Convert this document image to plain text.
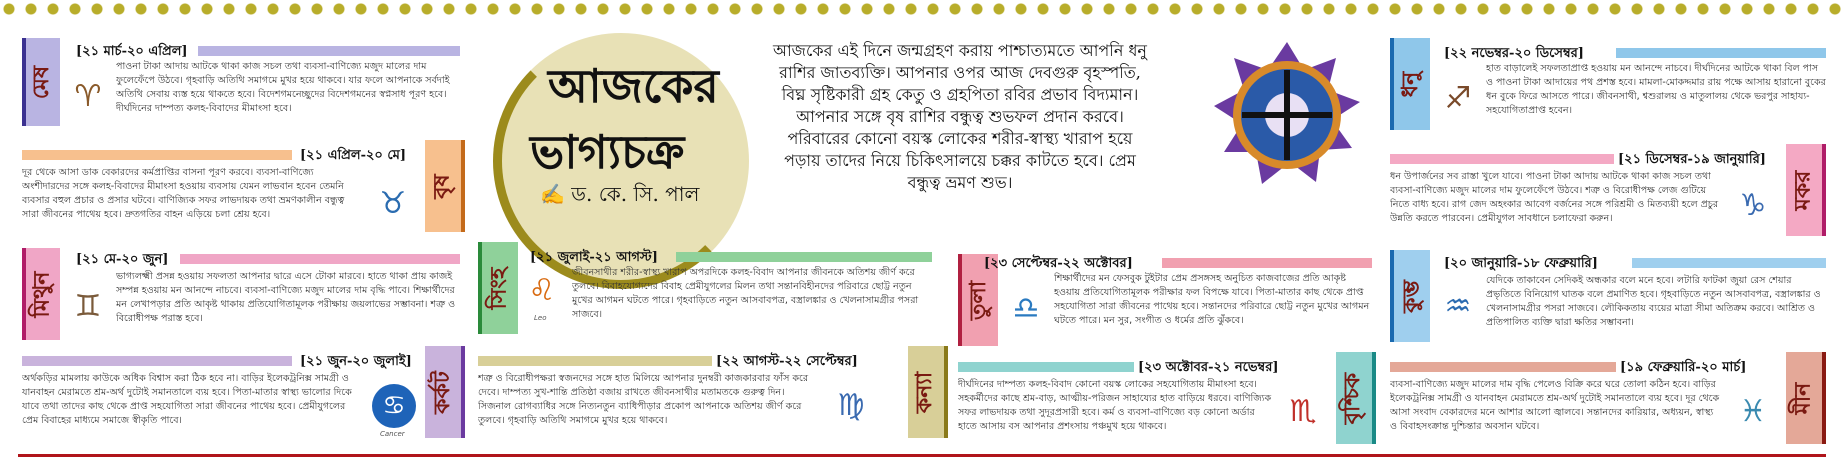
মেষ
[২১ মার্চ-২০ এপ্রিল]
♈
পাওনা টাকা আদায় আটকে থাকা কাজ সচল তথা ব্যবসা-বাণিজ্যে মজুদ মালের দাম ফুলেফেঁপে উঠবে। গৃহবাড়ি অতিথি সমাগমে মুখর হয়ে থাকবে। যার ফলে আপনাকে সর্বদাই অতিথি সেবায় ব্যস্ত হয়ে থাকতে হবে। বিদেশগমনেচ্ছুদের বিদেশগমনের স্বপ্নসাধ পূরণ হবে। দীর্ঘদিনের দাম্পত্য কলহ-বিবাদের মীমাংসা হবে।
[২১ এপ্রিল-২০ মে]
বৃষ
দূর থেকে আসা ডাক বেকারদের কর্মপ্রাপ্তির বাসনা পূরণ করবে। ব্যবসা-বাণিজ্যে অংশীদারদের সঙ্গে কলহ-বিবাদের মীমাংসা হওয়ায় ব্যবসায় যেমন লাভবান হবেন তেমনি ব্যবসার বহুল প্রচার ও প্রসার ঘটবে। বাণিজ্যিক সফর লাভদায়ক তথা ভ্রমণকালীন বন্ধুত্ব সারা জীবনের পাথেয় হবে। দ্রুতগতির বাহন এড়িয়ে চলা শ্রেয় হবে।	♉
মিথুন
[২১ মে-২০ জুন]
♊
ভাগ্যলক্ষ্মী প্রসন্ন হওয়ায় সফলতা আপনার দ্বারে এসে টোকা মারবে। হাতে থাকা প্রায় কাজই সম্পন্ন হওয়ায় মন আনন্দে নাচবে। ব্যবসা-বাণিজ্যে মজুদ মালের দাম বৃদ্ধি পাবে। শিক্ষার্থীদের মন লেখাপড়ার প্রতি আকৃষ্ট থাকায় প্রতিযোগিতামূলক পরীক্ষায় জয়লাভের সম্ভাবনা। শত্রু ও বিরোধীপক্ষ পরাস্ত হবে।
[২১ জুন-২০ জুলাই]
কর্কট
অর্থকড়ির মামলায় কাউকে অধিক বিশ্বাস করা ঠিক হবে না। বাড়ির ইলেকট্রনিক্স সামগ্রী ও যানবাহন মেরামতে শ্রম-অর্থ দুটোই সমানতালে ব্যয় হবে। পিতা-মাতার স্বাস্থ্য ভালোর দিকে যাবে তথা তাদের কাছ থেকে প্রাপ্ত সহযোগিতা সারা জীবনের পাথেয় হবে। প্রেমীযুগলের প্রেম বিবাহের মাধ্যমে সমাজে স্বীকৃতি পাবে।	♋
Cancer
আজকের
ভাগ্যচক্র
✍ ড. কে. সি. পাল
আজকের এই দিনে জন্মগ্রহণ করায় পাশ্চাত্যমতে আপনি ধনু রাশির জাতব্যক্তি। আপনার ওপর আজ দেবগুরু বৃহস্পতি, বিঘ্ন সৃষ্টিকারী গ্রহ কেতু ও গ্রহপিতা রবির প্রভাব বিদ্যমান। আপনার সঙ্গে বৃষ রাশির বন্ধুত্ব শুভফল প্রদান করবে। পরিবারের কোনো বয়স্ক লোকের শরীর-স্বাস্থ্য খারাপ হয়ে পড়ায় তাদের নিয়ে চিকিৎসালয়ে চক্কর কাটতে হবে। প্রেম বন্ধুত্ব ভ্রমণ শুভ।
সিংহ
[২১ জুলাই-২১ আগস্ট]
♌
Leo
জীবনসাথীর শরীর-স্বাস্থ্য খারাপ অপরদিকে কলহ-বিবাদ আপনার জীবনকে অতিশয় জীর্ণ করে তুলবে। বিবাহযোগ্যদের বিবাহ প্রেমীযুগলের মিলন তথা সন্তানবিহীনদের পরিবারে ছোট্ট নতুন মুখের আগমন ঘটতে পারে। গৃহবাড়িতে নতুন আসবাবপত্র, বস্ত্রালঙ্কার ও খেলনাসামগ্রীর পসরা সাজবে।
[২২ আগস্ট-২২ সেপ্টেম্বর]
কন্যা
শত্রু ও বিরোধীপক্ষরা স্বজনদের সঙ্গে হাত মিলিয়ে আপনার দুনম্বরী কাজকারবার ফাঁস করে দেবে। দাম্পত্য সুখ-শান্তি প্রতিষ্ঠা বজায় রাখতে জীবনসাথীর মতামতকে গুরুত্ব দিন। সিজনাল রোগব্যাধির সঙ্গে নিত্যনতুন ব্যাধিপীড়ার প্রকোপ আপনাকে অতিশয় জীর্ণ করে তুলবে। গৃহবাড়ি অতিথি সমাগমে মুখর হয়ে থাকবে।	♍
তুলা
[২৩ সেপ্টেম্বর-২২ অক্টোবর]
♎
শিক্ষার্থীদের মন ফেসবুক টুইটার প্রেম প্রসঙ্গসহ অনুচিত কাজবাজের প্রতি আকৃষ্ট হওয়ায় প্রতিযোগিতামূলক পরীক্ষার ফল বিপক্ষে যাবে। পিতা-মাতার কাছ থেকে প্রাপ্ত সহযোগিতা সারা জীবনের পাথেয় হবে। সন্তানদের পরিবারে ছোট্ট নতুন মুখের আগমন ঘটতে পারে। মন সুর, সংগীত ও ধর্মের প্রতি ঝুঁকবে।
[২৩ অক্টোবর-২১ নভেম্বর]
বৃশ্চিক
দীর্ঘদিনের দাম্পত্য কলহ-বিবাদ কোনো বয়স্ক লোকের সহযোগিতায় মীমাংসা হবে। সহকর্মীদের কাছে শ্রম-বাড়, আত্মীয়-পরিজন সাহায্যের হাত বাড়িয়ে ধরবে। বাণিজ্যিক সফর লাভদায়ক তথা সুদূরপ্রসারী হবে। কর্ম ও ব্যবসা-বাণিজ্যে বড় কোনো অর্ডার হাতে আসায় বস আপনার প্রশংসায় পঞ্চমুখ হয়ে থাকবে।	♏
ধনু
[২২ নভেম্বর-২০ ডিসেম্বর]
♐
হাত বাড়ালেই সফলতাপ্রাপ্ত হওয়ায় মন আনন্দে নাচবে। দীর্ঘদিনের আটকে থাকা বিল পাস ও পাওনা টাকা আদায়ের পথ প্রশস্ত হবে। মামলা-মোকদ্দমার রায় পক্ষে আসায় হারানো বুকের ধন বুকে ফিরে আসতে পারে। জীবনসাথী, শ্বশুরালয় ও মাতুলালয় থেকে ভরপুর সাহায্য-সহযোগিতাপ্রাপ্ত হবেন।
[২১ ডিসেম্বর-১৯ জানুয়ারি]
মকর
ধন উপার্জনের সব রাস্তা খুলে যাবে। পাওনা টাকা আদায় আটকে থাকা কাজ সচল তথা ব্যবসা-বাণিজ্যে মজুদ মালের দাম ফুলেফেঁপে উঠবে। শত্রু ও বিরোধীপক্ষ লেজ গুটিয়ে নিতে বাধ্য হবে। রাগ জেদ অহংকার আবেগ বর্জনের সঙ্গে পরিশ্রমী ও মিতব্যয়ী হলে প্রচুর উন্নতি করতে পারবেন। প্রেমীযুগল সাবধানে চলাফেরা করুন।	♑
কুম্ভ
[২০ জানুয়ারি-১৮ ফেব্রুয়ারি]
♒
যেদিকে তাকাবেন সেদিকই অন্ধকার বলে মনে হবে। লটারি ফাটকা জুয়া রেস শেয়ার প্রভৃতিতে বিনিয়োগ ঘাতক বলে প্রমাণিত হবে। গৃহবাড়িতে নতুন আসবাবপত্র, বস্ত্রালঙ্কার ও খেলনাসামগ্রীর পসরা সাজবে। লৌকিকতায় ব্যয়ের মাত্রা সীমা অতিক্রম করবে। আশ্রিত ও প্রতিপালিত ব্যক্তি দ্বারা ক্ষতির সম্ভাবনা।
[১৯ ফেব্রুয়ারি-২০ মার্চ]
মীন
ব্যবসা-বাণিজ্যে মজুদ মালের দাম বৃদ্ধি পেলেও বিক্রি করে ঘরে তোলা কঠিন হবে। বাড়ির ইলেকট্রনিক্স সামগ্রী ও যানবাহন মেরামতে শ্রম-অর্থ দুটোই সমানতালে ব্যয় হবে। দূর থেকে আসা সংবাদ বেকারদের মনে আশার আলো জ্বালবে। সন্তানদের কারিয়ার, অধ্যয়ন, স্বাস্থ্য ও বিবাহসংক্রান্ত দুশ্চিন্তার অবসান ঘটবে।	♓
